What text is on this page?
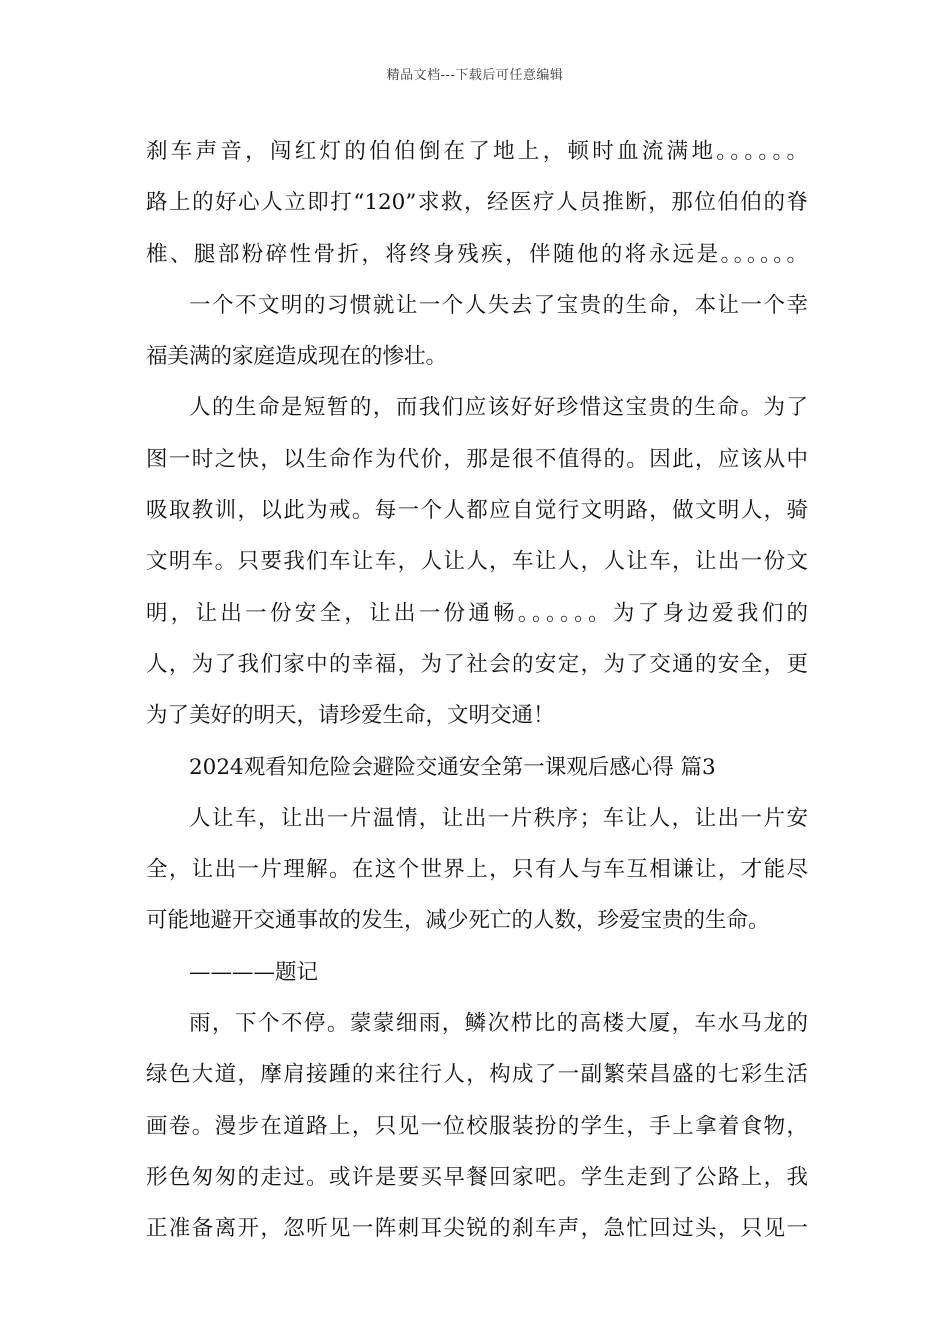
精品文档---下载后可任意编辑
刹车声音，闯红灯的伯伯倒在了地上，顿时血流满地。。。。。。
路上的好心人立即打“120”求救，经医疗人员推断，那位伯伯的脊
椎、腿部粉碎性骨折，将终身残疾，伴随他的将永远是。。。。。。
一个不文明的习惯就让一个人失去了宝贵的生命，本让一个幸
福美满的家庭造成现在的惨壮。
人的生命是短暂的，而我们应该好好珍惜这宝贵的生命。为了
图一时之快，以生命作为代价，那是很不值得的。因此，应该从中
吸取教训，以此为戒。每一个人都应自觉行文明路，做文明人，骑
文明车。只要我们车让车，人让人，车让人，人让车，让出一份文
明，让出一份安全，让出一份通畅。。。。。。为了身边爱我们的
人，为了我们家中的幸福，为了社会的安定，为了交通的安全，更
为了美好的明天，请珍爱生命，文明交通！
2024观看知危险会避险交通安全第一课观后感心得 篇3
人让车，让出一片温情，让出一片秩序；车让人，让出一片安
全，让出一片理解。在这个世界上，只有人与车互相谦让，才能尽
可能地避开交通事故的发生，减少死亡的人数，珍爱宝贵的生命。
————题记
雨，下个不停。蒙蒙细雨，鳞次栉比的高楼大厦，车水马龙的
绿色大道，摩肩接踵的来往行人，构成了一副繁荣昌盛的七彩生活
画卷。漫步在道路上，只见一位校服装扮的学生，手上拿着食物，
形色匆匆的走过。或许是要买早餐回家吧。学生走到了公路上，我
正准备离开，忽听见一阵刺耳尖锐的刹车声，急忙回过头，只见一
